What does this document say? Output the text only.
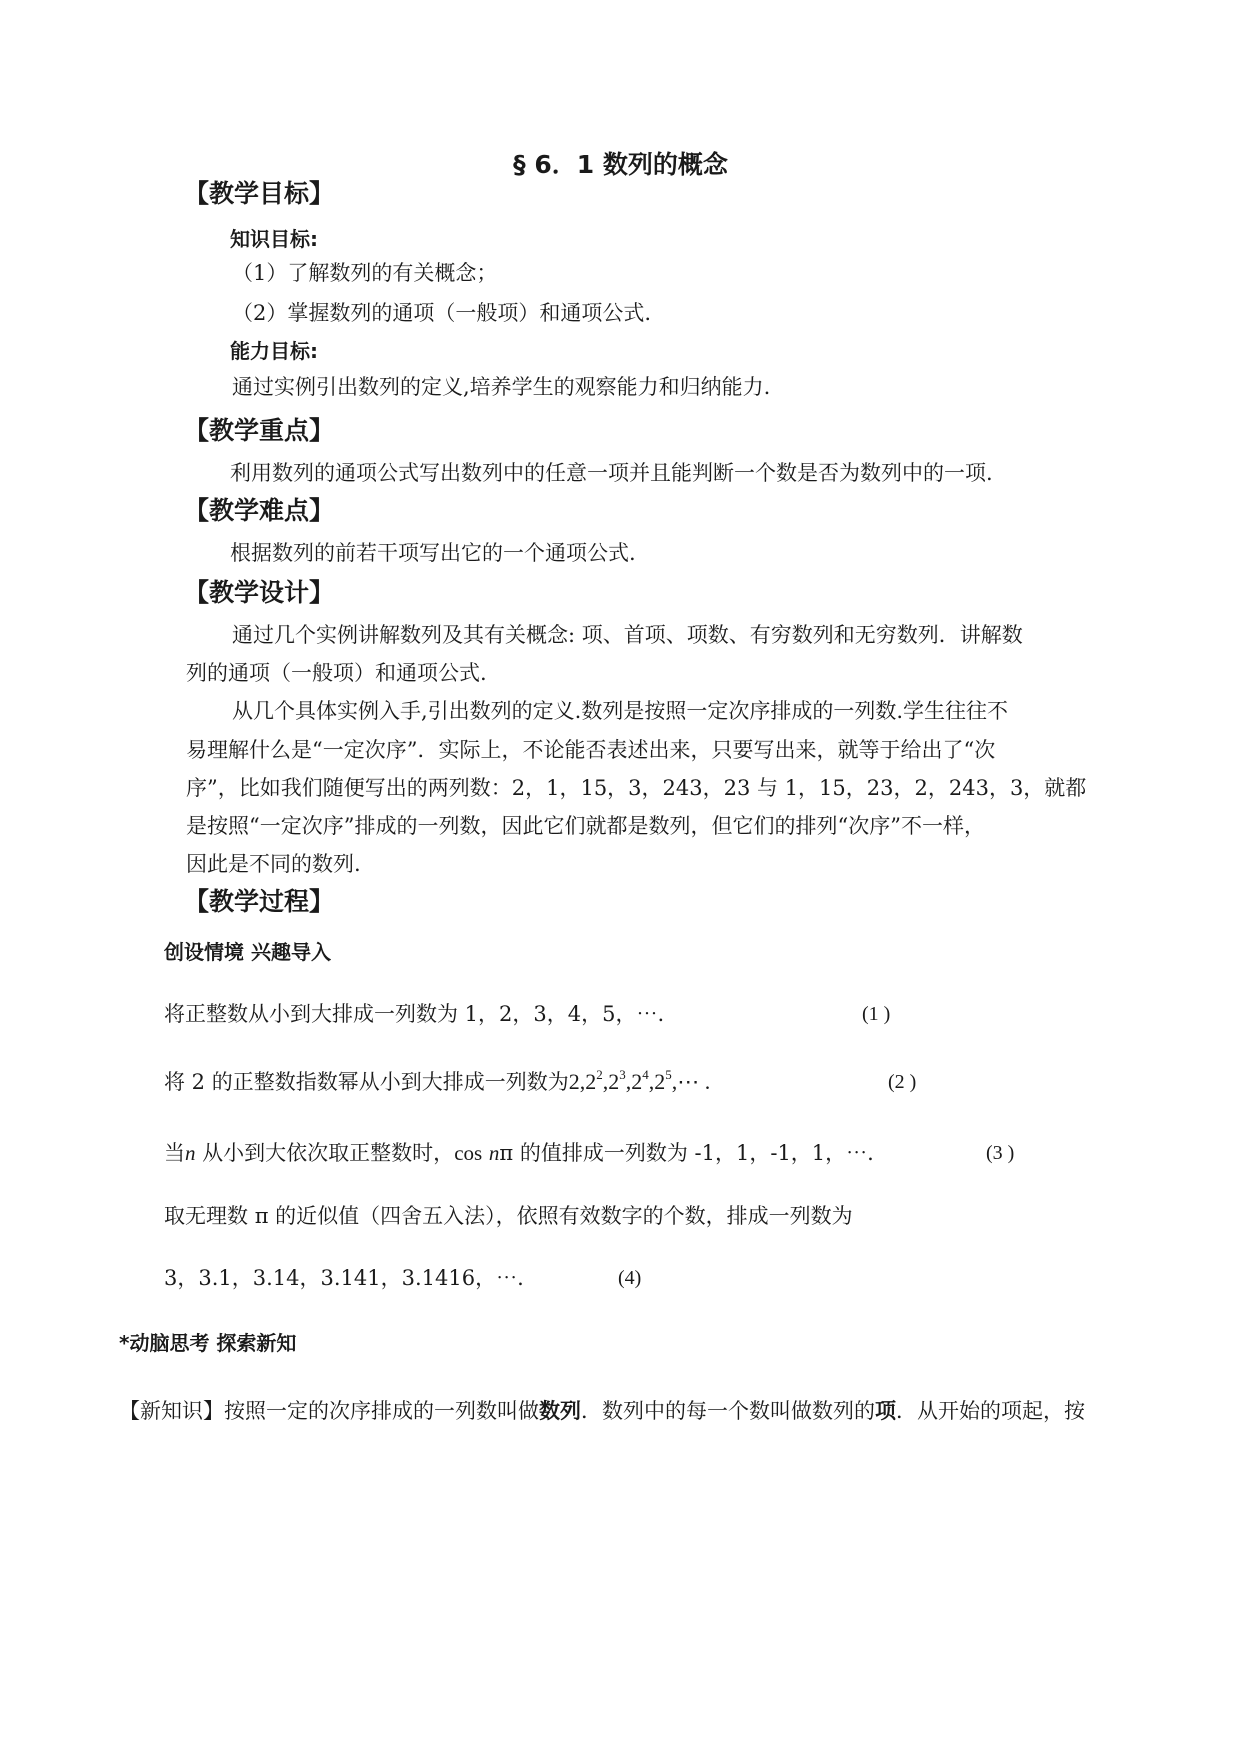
§ 6．1 数列的概念
【教学目标】
知识目标:
（1）了解数列的有关概念；
（2）掌握数列的通项（一般项）和通项公式.
能力目标:
通过实例引出数列的定义,培养学生的观察能力和归纳能力.
【教学重点】
利用数列的通项公式写出数列中的任意一项并且能判断一个数是否为数列中的一项.
【教学难点】
根据数列的前若干项写出它的一个通项公式.
【教学设计】
通过几个实例讲解数列及其有关概念: 项、首项、项数、有穷数列和无穷数列．讲解数
列的通项（一般项）和通项公式.
从几个具体实例入手,引出数列的定义.数列是按照一定次序排成的一列数.学生往往不
易理解什么是“一定次序”．实际上，不论能否表述出来，只要写出来，就等于给出了“次
序”，比如我们随便写出的两列数：2，1，15，3，243，23 与 1，15，23，2，243，3，就都
是按照“一定次序”排成的一列数，因此它们就都是数列，但它们的排列“次序”不一样，
因此是不同的数列.
【教学过程】
创设情境 兴趣导入
将正整数从小到大排成一列数为 1，2，3，4，5，⋯.	(1 )
将 2 的正整数指数幂从小到大排成一列数为$2,2^2,2^3,2^4,2^5,\cdots$ .	(2 )
当n 从小到大依次取正整数时，cos nπ 的值排成一列数为 -1，1，-1，1，⋯.	(3 )
取无理数 π 的近似值（四舍五入法），依照有效数字的个数，排成一列数为
3，3.1，3.14，3.141，3.1416，⋯.	(4)
*动脑思考 探索新知
【新知识】按照一定的次序排成的一列数叫做数列．数列中的每一个数叫做数列的项．从开始的项起，按
